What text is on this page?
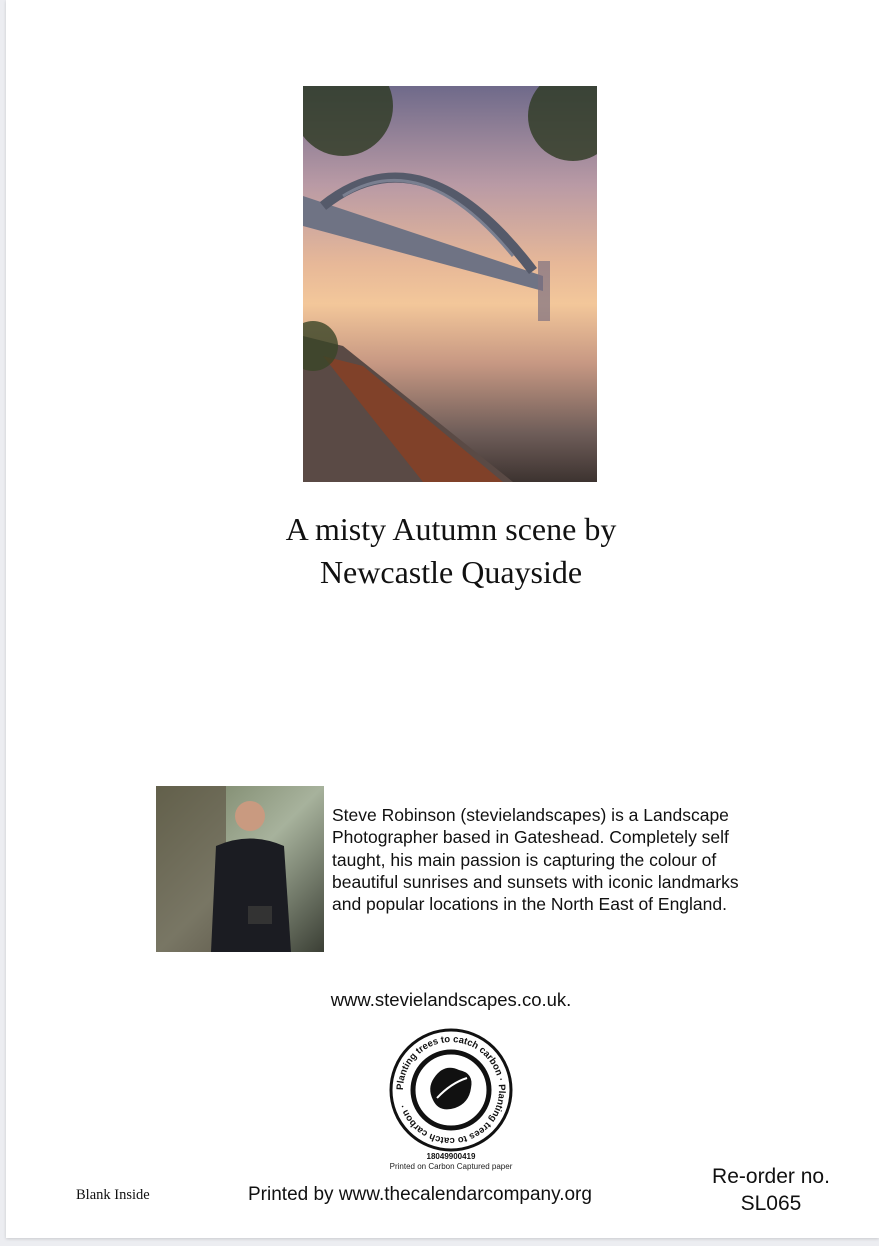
A misty Autumn scene by
Newcastle Quayside
Steve Robinson (stevielandscapes) is a Landscape Photographer based in Gateshead. Completely self taught, his main passion is capturing the colour of beautiful sunrises and sunsets with iconic landmarks and popular locations in the North East of England.
www.stevielandscapes.co.uk.
Planting trees to catch carbon · Planting trees to catch carbon ·
18049900419
Printed on Carbon Captured paper
Blank Inside	Printed by www.thecalendarcompany.org
Re-order no.
SL065
